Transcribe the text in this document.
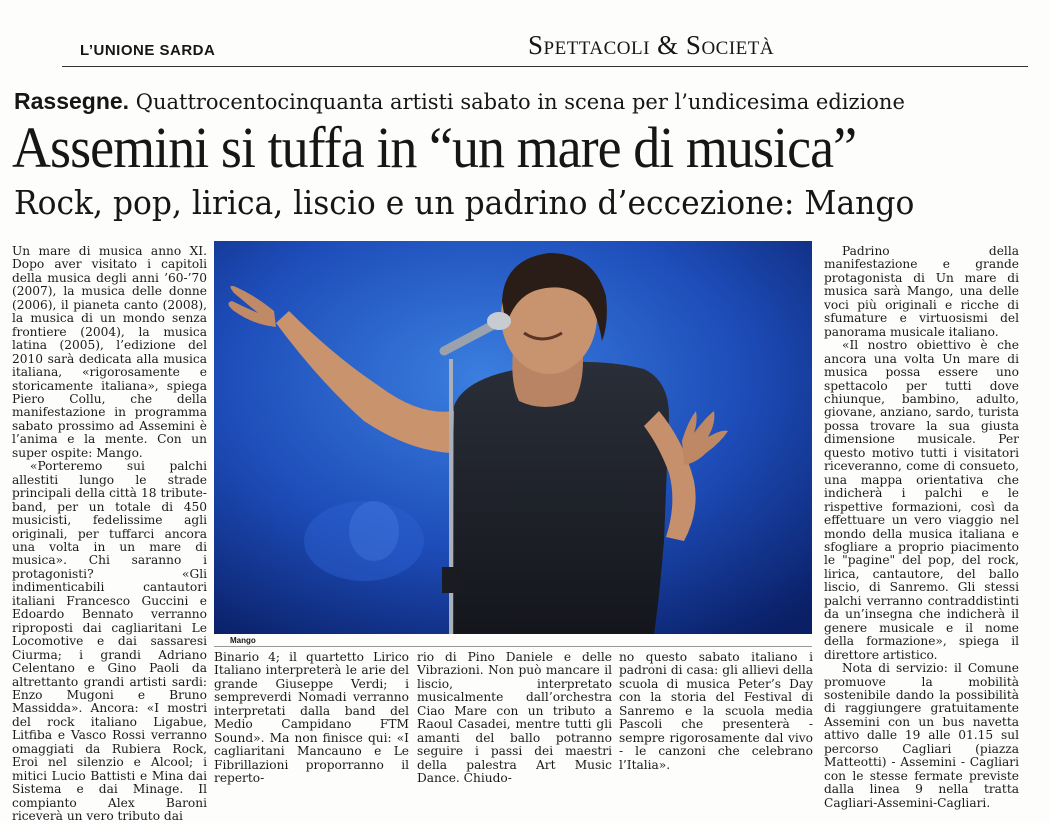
L’UNIONE SARDA	Spettacoli & Società
Rassegne. Quattrocentocinquanta artisti sabato in scena per l’undicesima edizione
Assemini si tuffa in “un mare di musica”
Rock, pop, lirica, liscio e un padrino d’eccezione: Mango

Un mare di musica anno XI. Dopo aver visitato i capitoli della musica degli anni ’60-’70 (2007), la musica delle donne (2006), il pianeta canto (2008), la musica di un mondo senza frontiere (2004), la musica latina (2005), l’edizione del 2010 sarà dedicata alla musica italiana, «rigorosamente e storicamente italiana», spiega Piero Collu, che della manifestazione in programma sabato prossimo ad Assemini è l’anima e la mente. Con un super ospite: Mango.

«Porteremo sui palchi allestiti lungo le strade principali della città 18 tribute-band, per un totale di 450 musicisti, fedelissime agli originali, per tuffarci ancora una volta in un mare di musica». Chi saranno i protagonisti? «Gli indimenticabili cantautori italiani Francesco Guccini e Edoardo Bennato verranno riproposti dai cagliaritani Le Locomotive e dai sassaresi Ciurma; i grandi Adriano Celentano e Gino Paoli da altrettanto grandi artisti sardi: Enzo Mugoni e Bruno Massidda». Ancora: «I mostri del rock italiano Ligabue, Litfiba e Vasco Rossi verranno omaggiati da Rubiera Rock, Eroi nel silenzio e Alcool; i mitici Lucio Battisti e Mina dai Sistema e dai Minage. Il compianto Alex Baroni riceverà un vero tributo dai

Mango

Binario 4; il quartetto Lirico Italiano interpreterà le arie del grande Giuseppe Verdi; i sempreverdi Nomadi verranno interpretati dalla band del Medio Campidano FTM Sound». Ma non finisce qui: «I cagliaritani Mancauno e Le Fibrillazioni proporranno il reperto-

rio di Pino Daniele e delle Vibrazioni. Non può mancare il liscio, interpretato musicalmente dall’orchestra Ciao Mare con un tributo a Raoul Casadei, mentre tutti gli amanti del ballo potranno seguire i passi dei maestri della palestra Art Music Dance. Chiudo-

no questo sabato italiano i padroni di casa: gli allievi della scuola di musica Peter’s Day con la storia del Festival di Sanremo e la scuola media Pascoli che presenterà - sempre rigorosamente dal vivo - le canzoni che celebrano l’Italia».

Padrino della manifestazione e grande protagonista di Un mare di musica sarà Mango, una delle voci più originali e ricche di sfumature e virtuosismi del panorama musicale italiano.

«Il nostro obiettivo è che ancora una volta Un mare di musica possa essere uno spettacolo per tutti dove chiunque, bambino, adulto, giovane, anziano, sardo, turista possa trovare la sua giusta dimensione musicale. Per questo motivo tutti i visitatori riceveranno, come di consueto, una mappa orientativa che indicherà i palchi e le rispettive formazioni, così da effettuare un vero viaggio nel mondo della musica italiana e sfogliare a proprio piacimento le "pagine" del pop, del rock, lirica, cantautore, del ballo liscio, di Sanremo. Gli stessi palchi verranno contraddistinti da un’insegna che indicherà il genere musicale e il nome della formazione», spiega il direttore artistico.

Nota di servizio: il Comune promuove la mobilità sostenibile dando la possibilità di raggiungere gratuitamente Assemini con un bus navetta attivo dalle 19 alle 01.15 sul percorso Cagliari (piazza Matteotti) - Assemini - Cagliari con le stesse fermate previste dalla linea 9 nella tratta Cagliari-Assemini-Cagliari.
